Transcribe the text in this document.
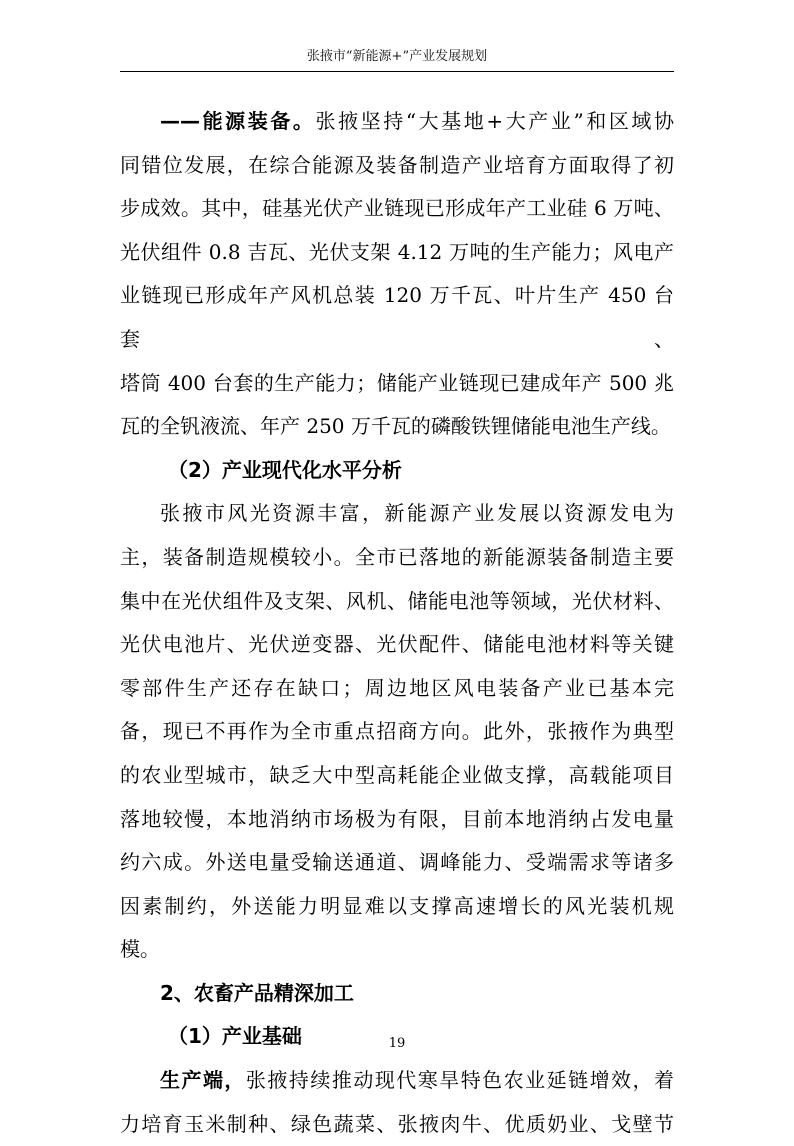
张掖市“新能源+”产业发展规划

——能源装备。张掖坚持“大基地+大产业”和区域协

同错位发展，在综合能源及装备制造产业培育方面取得了初

步成效。其中，硅基光伏产业链现已形成年产工业硅 6 万吨、

光伏组件 0.8 吉瓦、光伏支架 4.12 万吨的生产能力；风电产

业链现已形成年产风机总装 120 万千瓦、叶片生产 450 台套、

塔筒 400 台套的生产能力；储能产业链现已建成年产 500 兆

瓦的全钒液流、年产 250 万千瓦的磷酸铁锂储能电池生产线。

（2）产业现代化水平分析

张掖市风光资源丰富，新能源产业发展以资源发电为

主，装备制造规模较小。全市已落地的新能源装备制造主要

集中在光伏组件及支架、风机、储能电池等领域，光伏材料、

光伏电池片、光伏逆变器、光伏配件、储能电池材料等关键

零部件生产还存在缺口；周边地区风电装备产业已基本完

备，现已不再作为全市重点招商方向。此外，张掖作为典型

的农业型城市，缺乏大中型高耗能企业做支撑，高载能项目

落地较慢，本地消纳市场极为有限，目前本地消纳占发电量

约六成。外送电量受输送通道、调峰能力、受端需求等诸多

因素制约，外送能力明显难以支撑高速增长的风光装机规

模。

2、农畜产品精深加工
（1）产业基础

生产端，张掖持续推动现代寒旱特色农业延链增效，着

力培育玉米制种、绿色蔬菜、张掖肉牛、优质奶业、戈壁节

19
